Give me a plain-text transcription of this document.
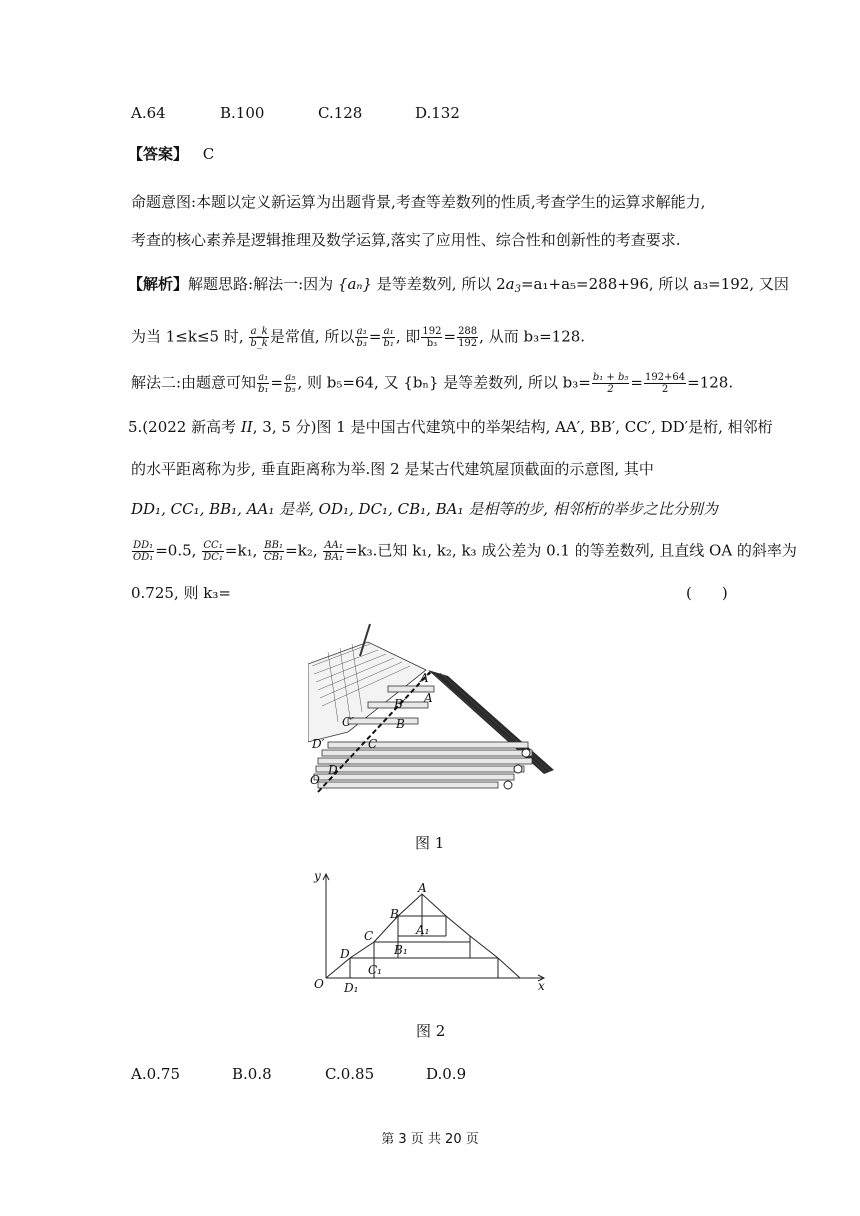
A.64	B.100	C.128	D.132
【答案】 C
命题意图:本题以定义新运算为出题背景,考查等差数列的性质,考查学生的运算求解能力,
考查的核心素养是逻辑推理及数学运算,落实了应用性、综合性和创新性的考查要求.
【解析】解题思路:解法一:因为 {aₙ} 是等差数列, 所以 $2a_3=a_1+a_5=288+96$, 所以 a₃=192, 又因
为当 1≤k≤5 时, $\frac{a\_k}{b\_k}$ 是常值, 所以 $\frac{\text{a₃}}{\text{b₃}} = \frac{\text{a₁}}{\text{b₁}}$ , 即 $\frac{192}{\text{b₃}} = \frac{288}{192}$ , 从而 b₃=128.
解法二:由题意可知 $\frac{\text{a₁}}{\text{b₁}} = \frac{\text{a₅}}{\text{b₅}}$ , 则 b₅=64, 又 {bₙ} 是等差数列, 所以 $b_3= \frac{\text{b₁ + b₅}}{2} = \frac{192+64}{2} =128$.
5.(2022 新高考 II, 3, 5 分)图 1 是中国古代建筑中的举架结构, AA′, BB′, CC′, DD′是桁, 相邻桁
的水平距离称为步, 垂直距离称为举.图 2 是某古代建筑屋顶截面的示意图, 其中
DD₁, CC₁, BB₁, AA₁ 是举, OD₁, DC₁, CB₁, BA₁ 是相等的步, 相邻桁的举步之比分别为
$\frac{\text{DD₁}}{\text{OD₁}} =0.5$, $\frac{\text{CC₁}}{\text{DC₁}} =k_1$, $\frac{\text{BB₁}}{\text{CB₁}} =k_2$, $\frac{\text{AA₁}}{\text{BA₁}} =k_3$.已知 k₁, k₂, k₃ 成公差为 0.1 的等差数列, 且直线 OA 的斜率为
0.725, 则 k₃=	(　　)
A′
A
B′
B
C′
C
D′
D
O
图 1
y
A
B
A₁
C
B₁
D
C₁
O D₁	x
图 2
A.0.75	B.0.8	C.0.85	D.0.9
第 3 页 共 20 页
